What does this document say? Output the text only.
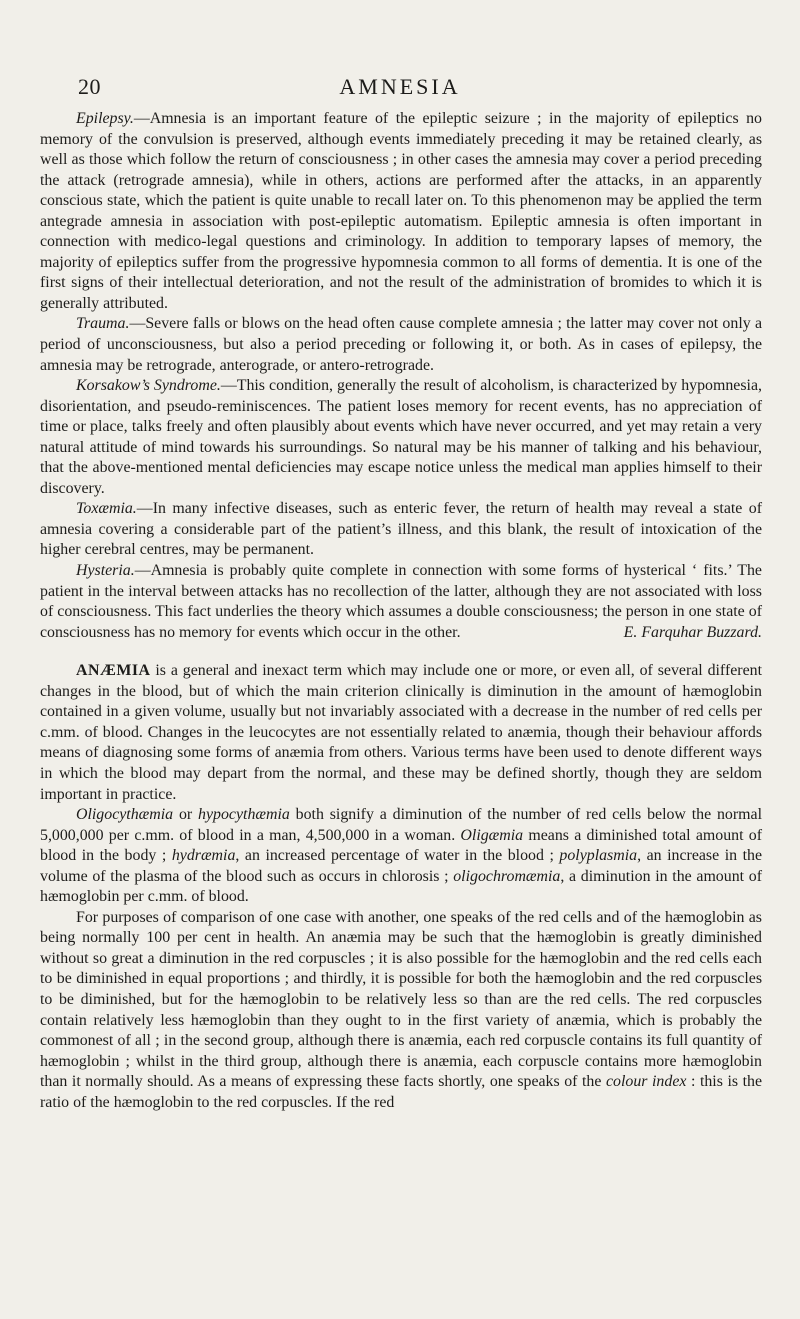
20	AMNESIA

Epilepsy.—Amnesia is an important feature of the epileptic seizure ; in the majority of epileptics no memory of the convulsion is preserved, although events immediately preceding it may be retained clearly, as well as those which follow the return of consciousness ; in other cases the amnesia may cover a period preceding the attack (retrograde amnesia), while in others, actions are performed after the attacks, in an apparently conscious state, which the patient is quite unable to recall later on. To this phenomenon may be applied the term antegrade amnesia in association with post-epileptic automatism. Epileptic amnesia is often important in connection with medico-legal questions and criminology. In addition to temporary lapses of memory, the majority of epileptics suffer from the progressive hypomnesia common to all forms of dementia. It is one of the first signs of their intellectual deterioration, and not the result of the administration of bromides to which it is generally attributed.

Trauma.—Severe falls or blows on the head often cause complete amnesia ; the latter may cover not only a period of unconsciousness, but also a period preceding or following it, or both. As in cases of epilepsy, the amnesia may be retrograde, anterograde, or antero-retrograde.

Korsakow’s Syndrome.—This condition, generally the result of alcoholism, is characterized by hypomnesia, disorientation, and pseudo-reminiscences. The patient loses memory for recent events, has no appreciation of time or place, talks freely and often plausibly about events which have never occurred, and yet may retain a very natural attitude of mind towards his surroundings. So natural may be his manner of talking and his behaviour, that the above-mentioned mental deficiencies may escape notice unless the medical man applies himself to their discovery.

Toxæmia.—In many infective diseases, such as enteric fever, the return of health may reveal a state of amnesia covering a considerable part of the patient’s illness, and this blank, the result of intoxication of the higher cerebral centres, may be permanent.

Hysteria.—Amnesia is probably quite complete in connection with some forms of hysterical ‘ fits.’ The patient in the interval between attacks has no recollection of the latter, although they are not associated with loss of consciousness. This fact underlies the theory which assumes a double consciousness; the person in one state of consciousness has no memory for events which occur in the other.	E. Farquhar Buzzard.

ANÆMIA is a general and inexact term which may include one or more, or even all, of several different changes in the blood, but of which the main criterion clinically is diminution in the amount of hæmoglobin contained in a given volume, usually but not invariably associated with a decrease in the number of red cells per c.mm. of blood. Changes in the leucocytes are not essentially related to anæmia, though their behaviour affords means of diagnosing some forms of anæmia from others. Various terms have been used to denote different ways in which the blood may depart from the normal, and these may be defined shortly, though they are seldom important in practice.

Oligocythæmia or hypocythæmia both signify a diminution of the number of red cells below the normal 5,000,000 per c.mm. of blood in a man, 4,500,000 in a woman. Oligæmia means a diminished total amount of blood in the body ; hydræmia, an increased percentage of water in the blood ; polyplasmia, an increase in the volume of the plasma of the blood such as occurs in chlorosis ; oligochromæmia, a diminution in the amount of hæmoglobin per c.mm. of blood.

For purposes of comparison of one case with another, one speaks of the red cells and of the hæmoglobin as being normally 100 per cent in health. An anæmia may be such that the hæmoglobin is greatly diminished without so great a diminution in the red corpuscles ; it is also possible for the hæmoglobin and the red cells each to be diminished in equal proportions ; and thirdly, it is possible for both the hæmoglobin and the red corpuscles to be diminished, but for the hæmoglobin to be relatively less so than are the red cells. The red corpuscles contain relatively less hæmoglobin than they ought to in the first variety of anæmia, which is probably the commonest of all ; in the second group, although there is anæmia, each red corpuscle contains its full quantity of hæmoglobin ; whilst in the third group, although there is anæmia, each corpuscle contains more hæmoglobin than it normally should. As a means of expressing these facts shortly, one speaks of the colour index : this is the ratio of the hæmoglobin to the red corpuscles. If the red
